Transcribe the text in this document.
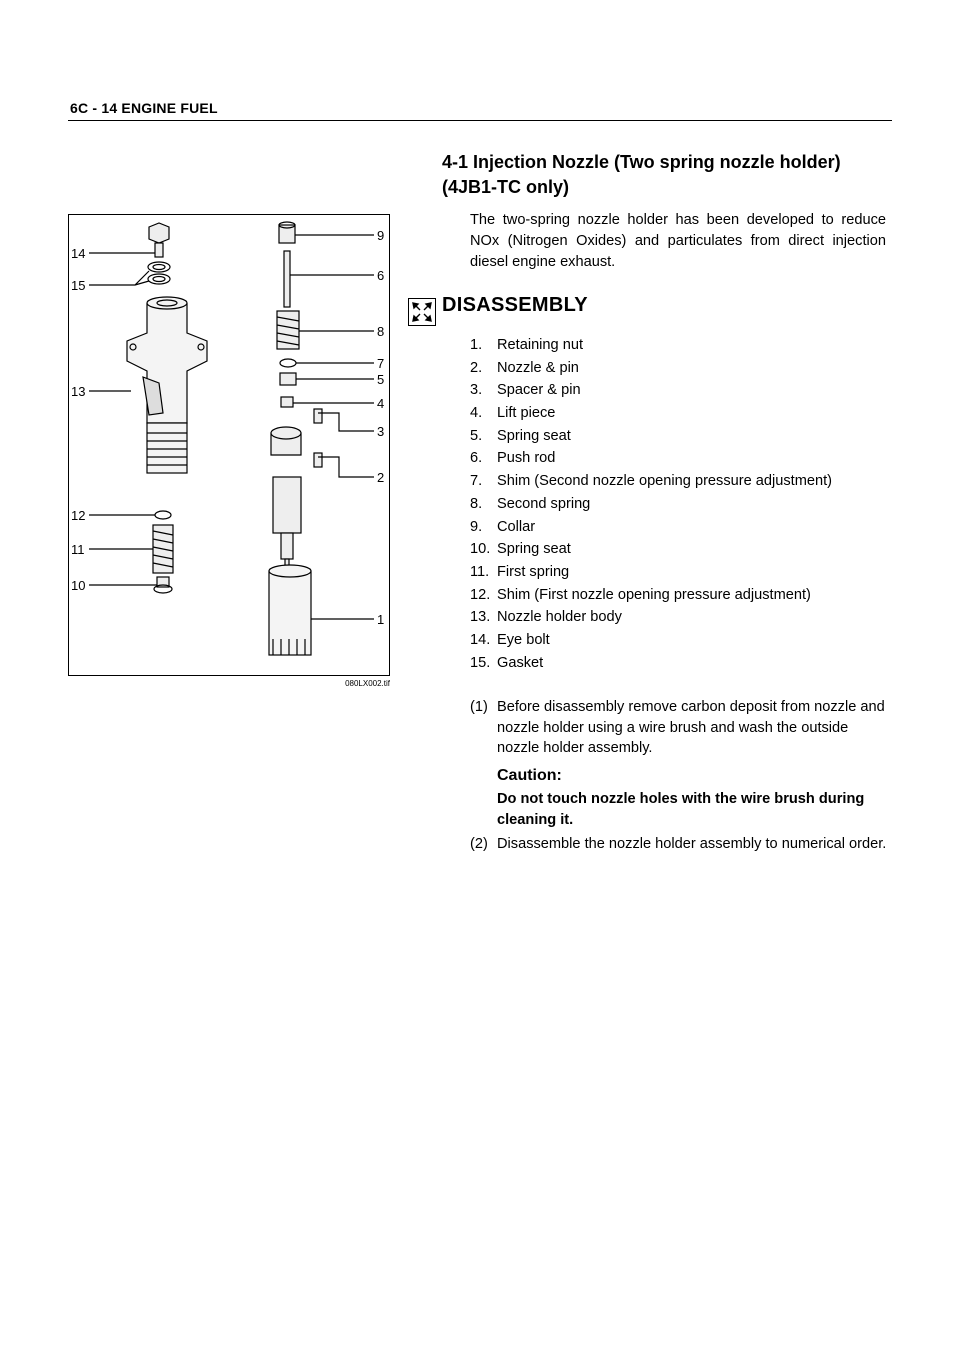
6C - 14 ENGINE FUEL
14
15
13
12
11
10
9
6
8
7
5
4
3
2
1
080LX002.tif
4-1 Injection Nozzle (Two spring nozzle holder)
(4JB1-TC only)
The two-spring nozzle holder has been developed to reduce NOx (Nitrogen Oxides) and particulates from direct injection diesel engine exhaust.
DISASSEMBLY
1. Retaining nut
2. Nozzle & pin
3. Spacer & pin
4. Lift piece
5. Spring seat
6. Push rod
7. Shim (Second nozzle opening pressure adjustment)
8. Second spring
9. Collar
10. Spring seat
11. First spring
12. Shim (First nozzle opening pressure adjustment)
13. Nozzle holder body
14. Eye bolt
15. Gasket
(1) Before disassembly remove carbon deposit from nozzle and nozzle holder using a wire brush and wash the outside nozzle holder assembly.
Caution:
Do not touch nozzle holes with the wire brush during cleaning it.
(2) Disassemble the nozzle holder assembly to numerical order.
